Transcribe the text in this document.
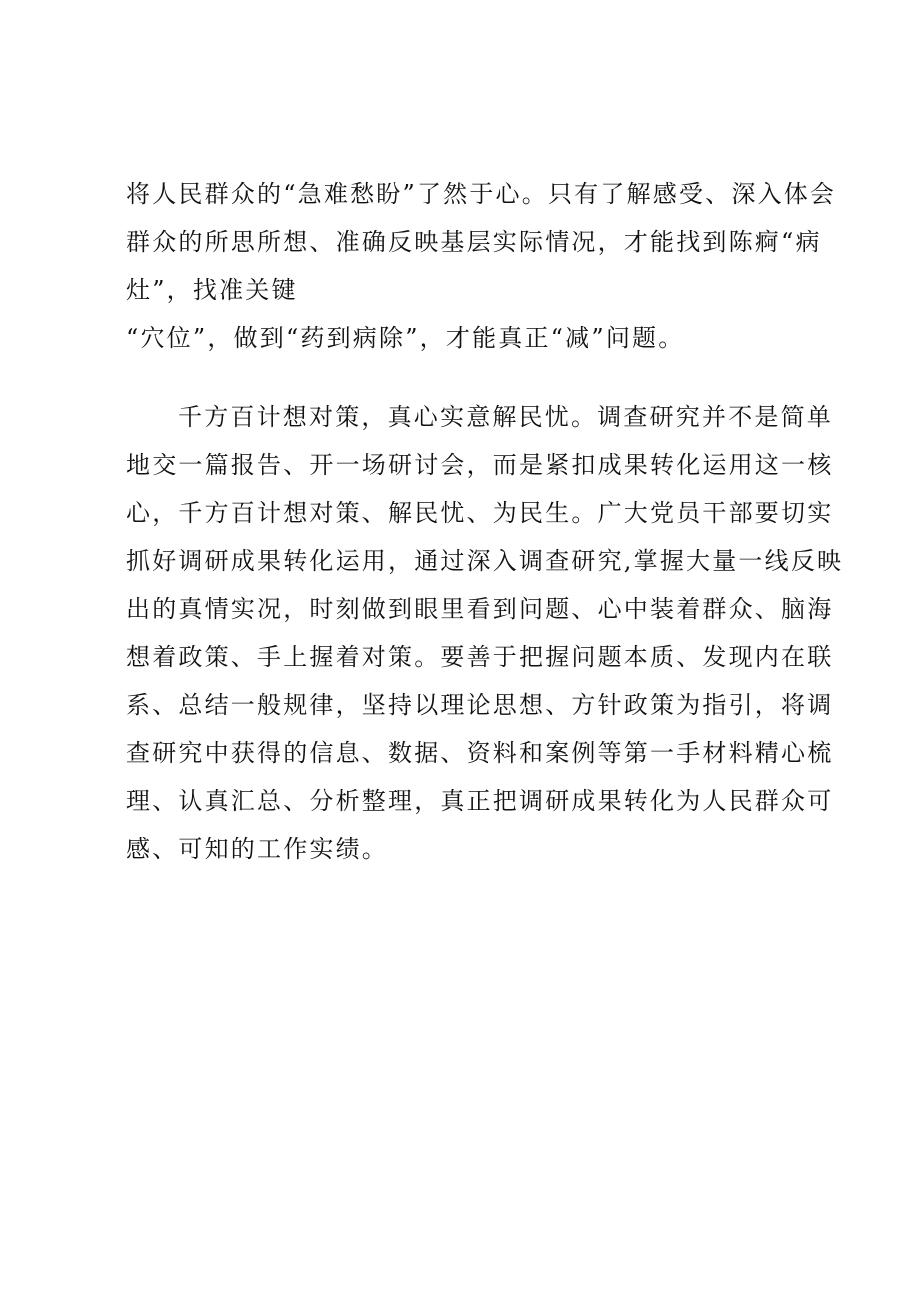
将人民群众的“急难愁盼”了然于心。只有了解感受、深入体会
群众的所思所想、准确反映基层实际情况，才能找到陈痾“病
灶”，找准关键
“穴位”，做到“药到病除”，才能真正“减”问题。
千方百计想对策，真心实意解民忧。调查研究并不是简单
地交一篇报告、开一场研讨会，而是紧扣成果转化运用这一核
心，千方百计想对策、解民忧、为民生。广大党员干部要切实
抓好调研成果转化运用，通过深入调查研究,掌握大量一线反映
出的真情实况，时刻做到眼里看到问题、心中装着群众、脑海
想着政策、手上握着对策。要善于把握问题本质、发现内在联
系、总结一般规律，坚持以理论思想、方针政策为指引，将调
查研究中获得的信息、数据、资料和案例等第一手材料精心梳
理、认真汇总、分析整理，真正把调研成果转化为人民群众可
感、可知的工作实绩。
